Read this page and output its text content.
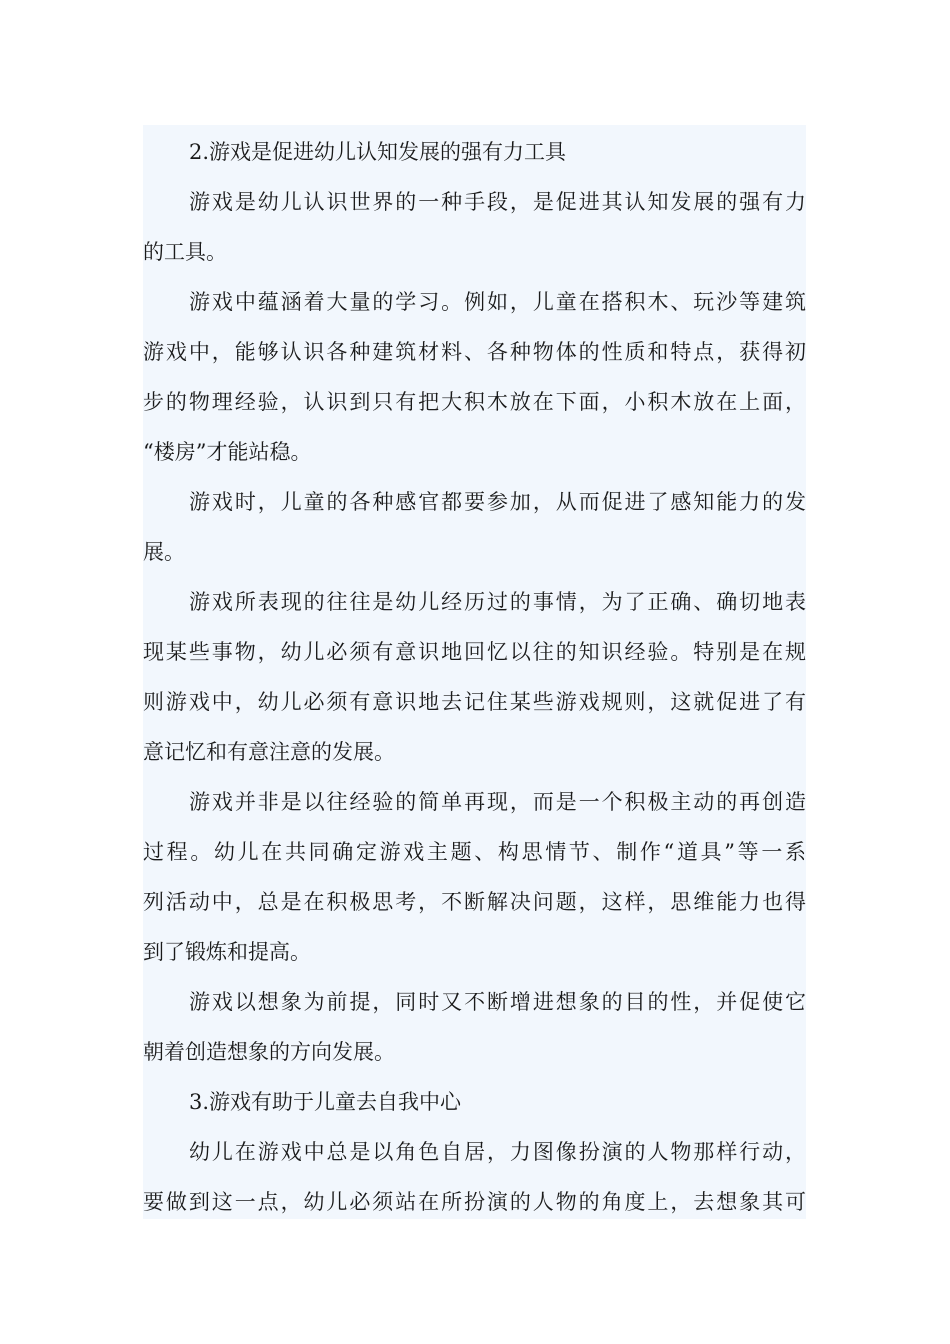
2.游戏是促进幼儿认知发展的强有力工具
游戏是幼儿认识世界的一种手段，是促进其认知发展的强有力
的工具。
游戏中蕴涵着大量的学习。例如，儿童在搭积木、玩沙等建筑
游戏中，能够认识各种建筑材料、各种物体的性质和特点，获得初
步的物理经验，认识到只有把大积木放在下面，小积木放在上面，
“楼房”才能站稳。
游戏时，儿童的各种感官都要参加，从而促进了感知能力的发
展。
游戏所表现的往往是幼儿经历过的事情，为了正确、确切地表
现某些事物，幼儿必须有意识地回忆以往的知识经验。特别是在规
则游戏中，幼儿必须有意识地去记住某些游戏规则，这就促进了有
意记忆和有意注意的发展。
游戏并非是以往经验的简单再现，而是一个积极主动的再创造
过程。幼儿在共同确定游戏主题、构思情节、制作“道具”等一系
列活动中，总是在积极思考，不断解决问题，这样，思维能力也得
到了锻炼和提高。
游戏以想象为前提，同时又不断增进想象的目的性，并促使它
朝着创造想象的方向发展。
3.游戏有助于儿童去自我中心
幼儿在游戏中总是以角色自居，力图像扮演的人物那样行动，
要做到这一点，幼儿必须站在所扮演的人物的角度上，去想象其可
